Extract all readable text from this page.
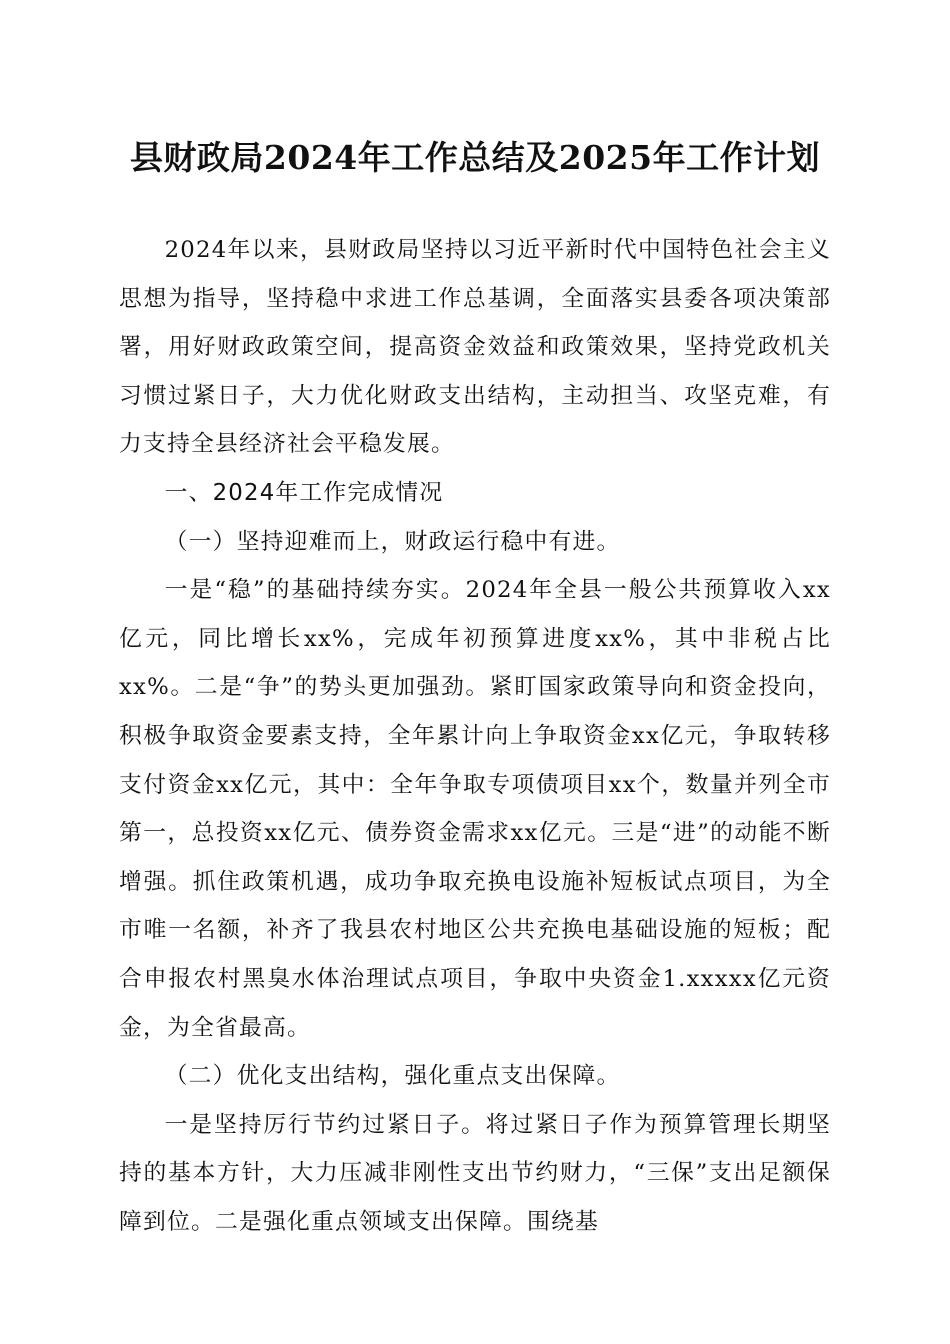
县财政局2024年工作总结及2025年工作计划

2024年以来，县财政局坚持以习近平新时代中国特色社会主义思想为指导，坚持稳中求进工作总基调，全面落实县委各项决策部署，用好财政政策空间，提高资金效益和政策效果，坚持党政机关习惯过紧日子，大力优化财政支出结构，主动担当、攻坚克难，有力支持全县经济社会平稳发展。

一、2024年工作完成情况

（一）坚持迎难而上，财政运行稳中有进。

一是“稳”的基础持续夯实。2024年全县一般公共预算收入xx亿元，同比增长xx%，完成年初预算进度xx%，其中非税占比xx%。二是“争”的势头更加强劲。紧盯国家政策导向和资金投向，积极争取资金要素支持，全年累计向上争取资金xx亿元，争取转移支付资金xx亿元，其中：全年争取专项债项目xx个，数量并列全市第一，总投资xx亿元、债券资金需求xx亿元。三是“进”的动能不断增强。抓住政策机遇，成功争取充换电设施补短板试点项目，为全市唯一名额，补齐了我县农村地区公共充换电基础设施的短板；配合申报农村黑臭水体治理试点项目，争取中央资金1.xxxxx亿元资金，为全省最高。

（二）优化支出结构，强化重点支出保障。

一是坚持厉行节约过紧日子。将过紧日子作为预算管理长期坚持的基本方针，大力压减非刚性支出节约财力，“三保”支出足额保障到位。二是强化重点领域支出保障。围绕基
